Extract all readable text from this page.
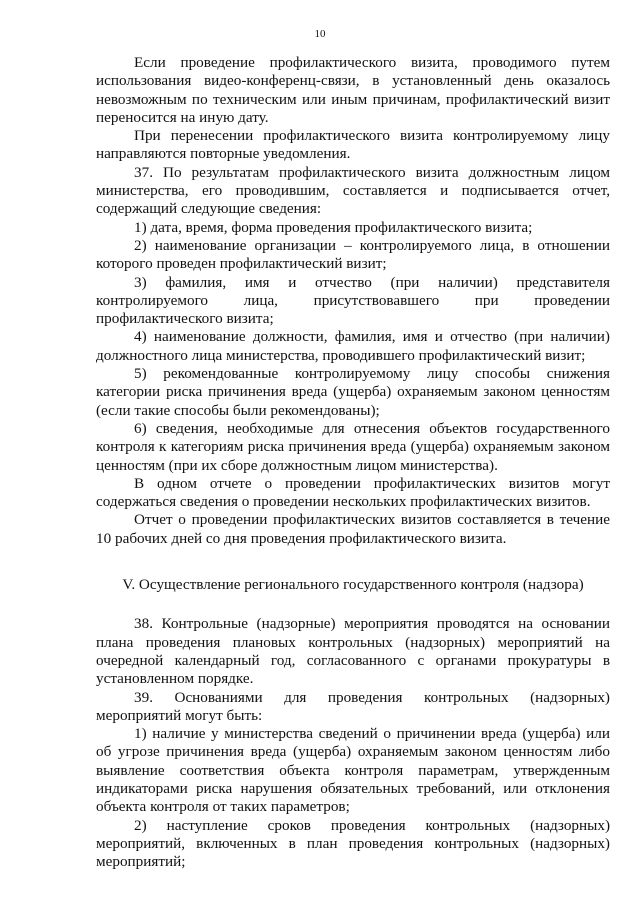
10

Если проведение профилактического визита, проводимого путем использования видео-конференц-связи, в установленный день оказалось невозможным по техническим или иным причинам, профилактический визит переносится на иную дату.

При перенесении профилактического визита контролируемому лицу направляются повторные уведомления.

37. По результатам профилактического визита должностным лицом министерства, его проводившим, составляется и подписывается отчет, содержащий следующие сведения:

1) дата, время, форма проведения профилактического визита;

2) наименование организации – контролируемого лица, в отношении которого проведен профилактический визит;

3) фамилия, имя и отчество (при наличии) представителя контролируемого лица, присутствовавшего при проведении профилактического визита;

4) наименование должности, фамилия, имя и отчество (при наличии) должностного лица министерства, проводившего профилактический визит;

5) рекомендованные контролируемому лицу способы снижения категории риска причинения вреда (ущерба) охраняемым законом ценностям (если такие способы были рекомендованы);

6) сведения, необходимые для отнесения объектов государственного контроля к категориям риска причинения вреда (ущерба) охраняемым законом ценностям (при их сборе должностным лицом министерства).

В одном отчете о проведении профилактических визитов могут содержаться сведения о проведении нескольких профилактических визитов.

Отчет о проведении профилактических визитов составляется в течение 10 рабочих дней со дня проведения профилактического визита.

V. Осуществление регионального государственного контроля (надзора)

38. Контрольные (надзорные) мероприятия проводятся на основании плана проведения плановых контрольных (надзорных) мероприятий на очередной календарный год, согласованного с органами прокуратуры в установленном порядке.

39. Основаниями для проведения контрольных (надзорных) мероприятий могут быть:

1) наличие у министерства сведений о причинении вреда (ущерба) или об угрозе причинения вреда (ущерба) охраняемым законом ценностям либо выявление соответствия объекта контроля параметрам, утвержденным индикаторами риска нарушения обязательных требований, или отклонения объекта контроля от таких параметров;

2) наступление сроков проведения контрольных (надзорных) мероприятий, включенных в план проведения контрольных (надзорных) мероприятий;
